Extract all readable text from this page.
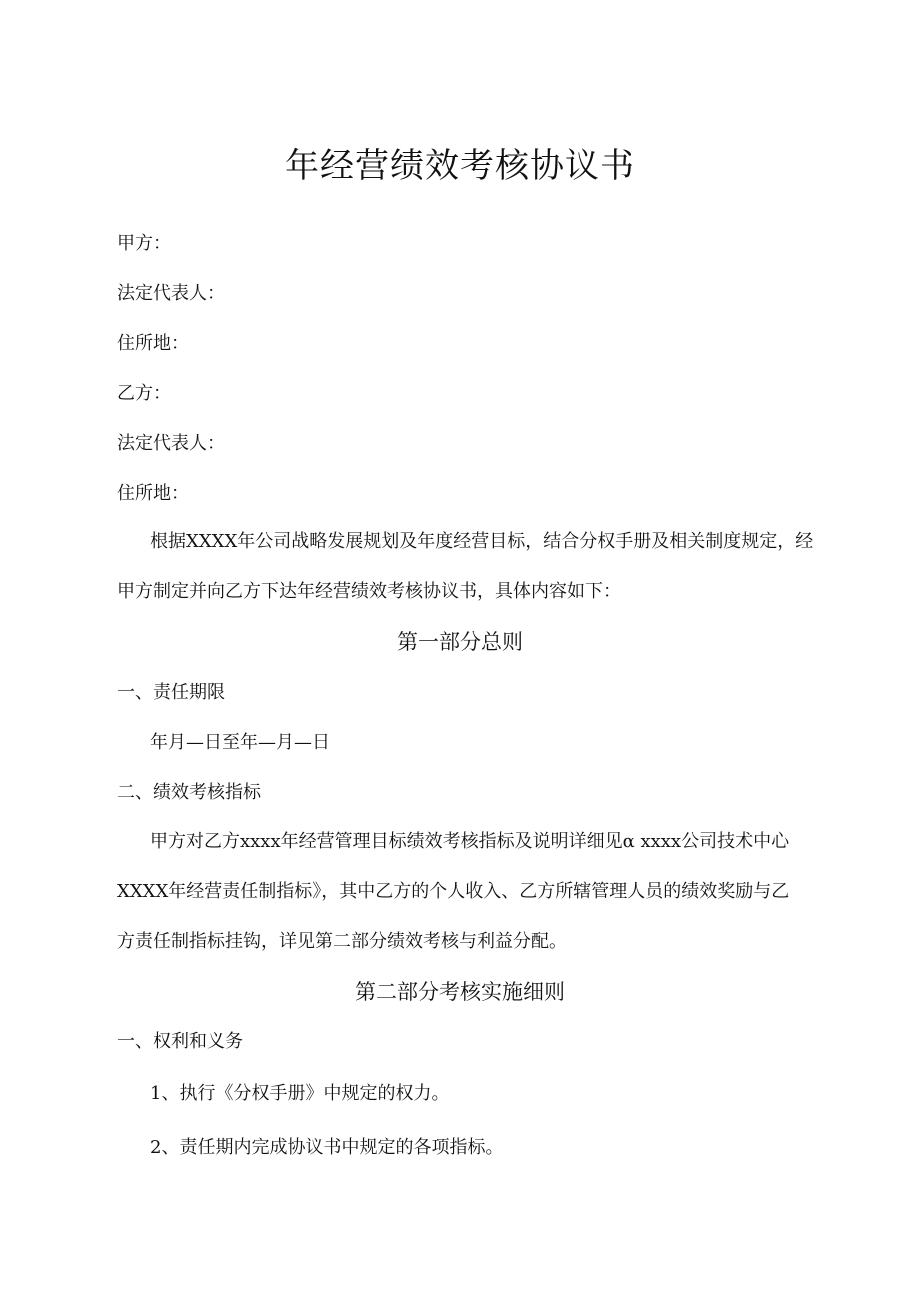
年经营绩效考核协议书
甲方：
法定代表人：
住所地：
乙方：
法定代表人：
住所地：
根据XXXX年公司战略发展规划及年度经营目标，结合分权手册及相关制度规定，经
甲方制定并向乙方下达年经营绩效考核协议书，具体内容如下：
第一部分总则
一、责任期限
年月—日至年—月—日
二、绩效考核指标
甲方对乙方xxxx年经营管理目标绩效考核指标及说明详细见α xxxx公司技术中心
XXXX年经营责任制指标》，其中乙方的个人收入、乙方所辖管理人员的绩效奖励与乙
方责任制指标挂钩，详见第二部分绩效考核与利益分配。
第二部分考核实施细则
一、权利和义务
1、执行《分权手册》中规定的权力。
2、责任期内完成协议书中规定的各项指标。
